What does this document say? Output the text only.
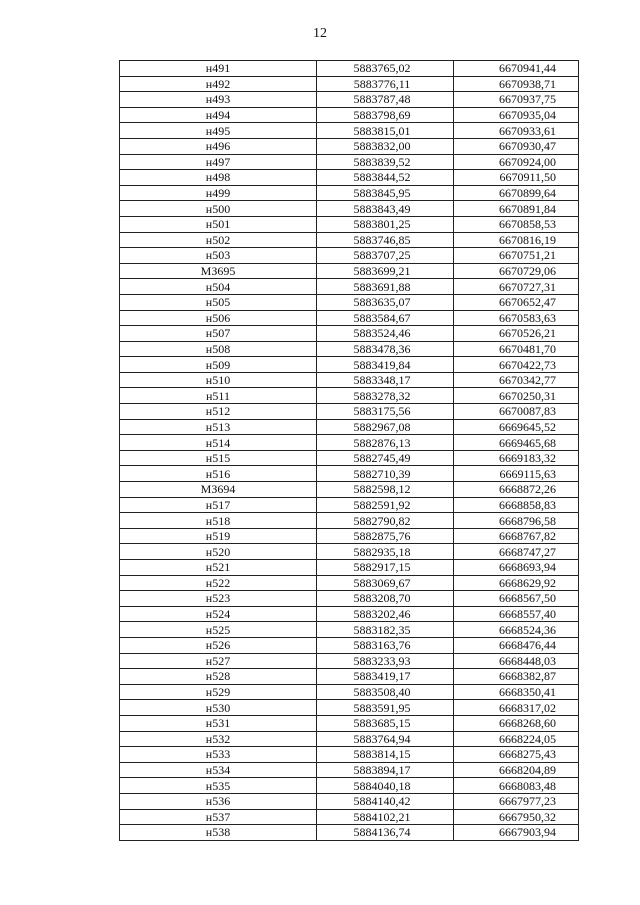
12
н491	5883765,02	6670941,44
н492	5883776,11	6670938,71
н493	5883787,48	6670937,75
н494	5883798,69	6670935,04
н495	5883815,01	6670933,61
н496	5883832,00	6670930,47
н497	5883839,52	6670924,00
н498	5883844,52	6670911,50
н499	5883845,95	6670899,64
н500	5883843,49	6670891,84
н501	5883801,25	6670858,53
н502	5883746,85	6670816,19
н503	5883707,25	6670751,21
МЗ695	5883699,21	6670729,06
н504	5883691,88	6670727,31
н505	5883635,07	6670652,47
н506	5883584,67	6670583,63
н507	5883524,46	6670526,21
н508	5883478,36	6670481,70
н509	5883419,84	6670422,73
н510	5883348,17	6670342,77
н511	5883278,32	6670250,31
н512	5883175,56	6670087,83
н513	5882967,08	6669645,52
н514	5882876,13	6669465,68
н515	5882745,49	6669183,32
н516	5882710,39	6669115,63
МЗ694	5882598,12	6668872,26
н517	5882591,92	6668858,83
н518	5882790,82	6668796,58
н519	5882875,76	6668767,82
н520	5882935,18	6668747,27
н521	5882917,15	6668693,94
н522	5883069,67	6668629,92
н523	5883208,70	6668567,50
н524	5883202,46	6668557,40
н525	5883182,35	6668524,36
н526	5883163,76	6668476,44
н527	5883233,93	6668448,03
н528	5883419,17	6668382,87
н529	5883508,40	6668350,41
н530	5883591,95	6668317,02
н531	5883685,15	6668268,60
н532	5883764,94	6668224,05
н533	5883814,15	6668275,43
н534	5883894,17	6668204,89
н535	5884040,18	6668083,48
н536	5884140,42	6667977,23
н537	5884102,21	6667950,32
н538	5884136,74	6667903,94
